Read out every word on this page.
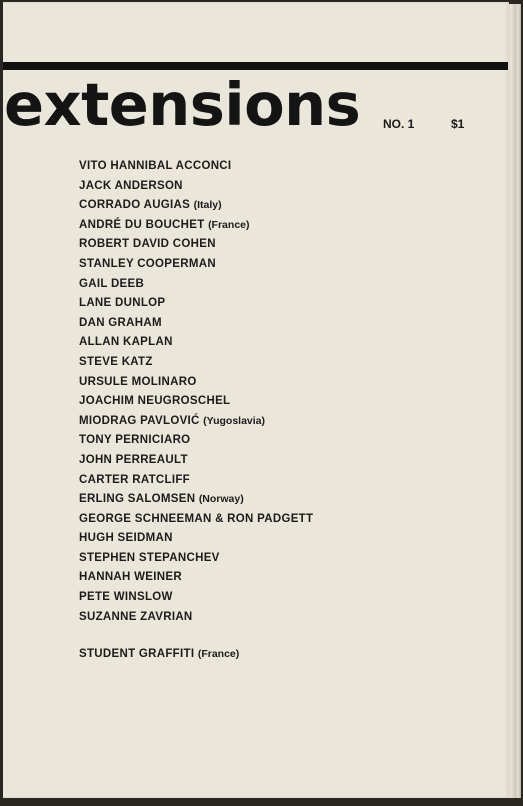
extensions NO. 1	$1
VITO HANNIBAL ACCONCI
JACK ANDERSON
CORRADO AUGIAS (Italy)
ANDRÉ DU BOUCHET (France)
ROBERT DAVID COHEN
STANLEY COOPERMAN
GAIL DEEB
LANE DUNLOP
DAN GRAHAM
ALLAN KAPLAN
STEVE KATZ
URSULE MOLINARO
JOACHIM NEUGROSCHEL
MIODRAG PAVLOVIĆ (Yugoslavia)
TONY PERNICIARO
JOHN PERREAULT
CARTER RATCLIFF
ERLING SALOMSEN (Norway)
GEORGE SCHNEEMAN & RON PADGETT
HUGH SEIDMAN
STEPHEN STEPANCHEV
HANNAH WEINER
PETE WINSLOW
SUZANNE ZAVRIAN
STUDENT GRAFFITI (France)
